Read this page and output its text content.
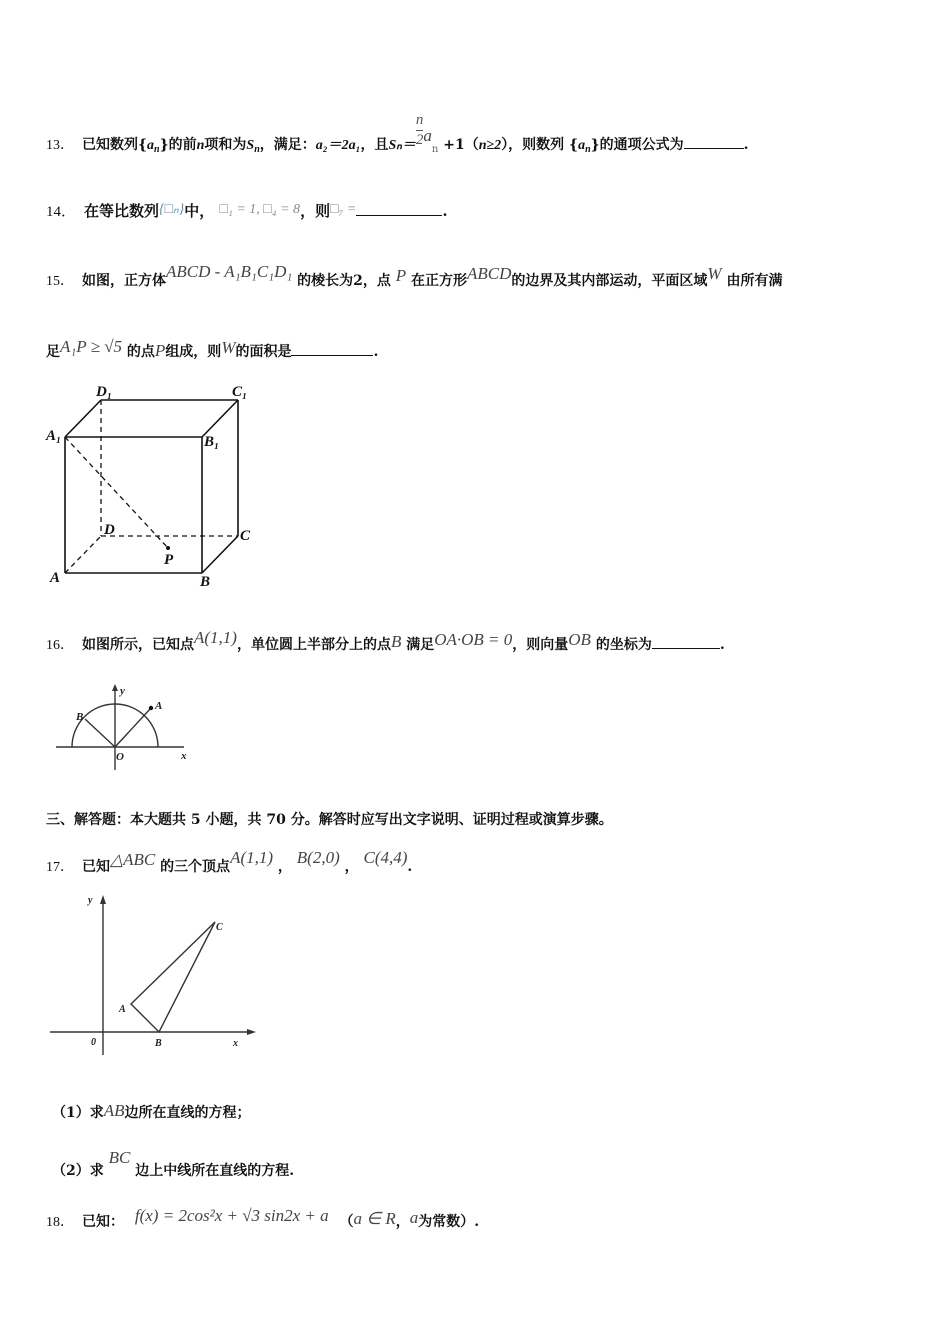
13． 已知数列$\{a_n\}$的前n项和为$S_n$，满足：a₂＝2a₁，且$S_n= \frac{n}{2} a_n +1(n\ge 2)$，则数列 $\{a_n\}$的通项公式为	.
14． 在等比数列{□ₙ}中， □₁ = 1, □₄ = 8，则□₇ =	.
15． 如图，正方体ABCD - A₁B₁C₁D₁ 的棱长为2，点 P 在正方形ABCD的边界及其内部运动，平面区域W 由所有满
足A₁P ≥ √5 的点P组成，则W的面积是	.
D₁	C₁
A₁	B₁
D	C
P
A	B
16． 如图所示，已知点A(1,1)，单位圆上半部分上的点B 满足OA·OB = 0，则向量OB 的坐标为	.
y
A
B
O	x
三、解答题：本大题共 5 小题，共 70 分。解答时应写出文字说明、证明过程或演算步骤。
17． 已知△ABC 的三个顶点A(1,1) ， B(2,0) ， C(4,4).
y
C
A
0	B	x
（1）求AB边所在直线的方程；
（2）求 BC 边上中线所在直线的方程.
18． 已知： f(x) = 2cos²x + √3 sin2x + a （a ∈ R，a为常数）.
